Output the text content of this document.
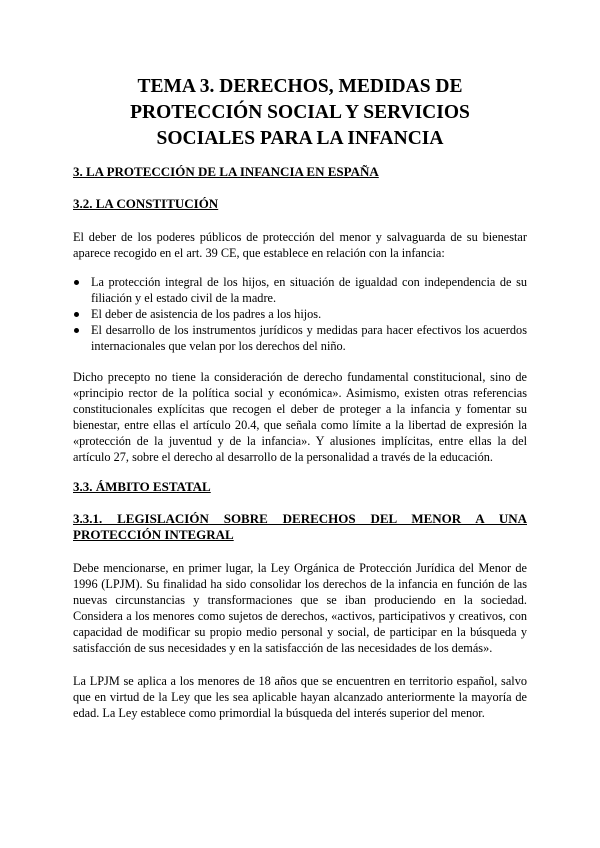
TEMA 3. DERECHOS, MEDIDAS DE
PROTECCIÓN SOCIAL Y SERVICIOS
SOCIALES PARA LA INFANCIA
3. LA PROTECCIÓN DE LA INFANCIA EN ESPAÑA
3.2. LA CONSTITUCIÓN

El deber de los poderes públicos de protección del menor y salvaguarda de su bienestar aparece recogido en el art. 39 CE, que establece en relación con la infancia:

La protección integral de los hijos, en situación de igualdad con independencia de su filiación y el estado civil de la madre.
El deber de asistencia de los padres a los hijos.
El desarrollo de los instrumentos jurídicos y medidas para hacer efectivos los acuerdos internacionales que velan por los derechos del niño.

Dicho precepto no tiene la consideración de derecho fundamental constitucional, sino de «principio rector de la política social y económica». Asimismo, existen otras referencias constitucionales explícitas que recogen el deber de proteger a la infancia y fomentar su bienestar, entre ellas el artículo 20.4, que señala como límite a la libertad de expresión la «protección de la juventud y de la infancia». Y alusiones implícitas, entre ellas la del artículo 27, sobre el derecho al desarrollo de la personalidad a través de la educación.

3.3. ÁMBITO ESTATAL
3.3.1. LEGISLACIÓN SOBRE DERECHOS DEL MENOR A UNA PROTECCIÓN INTEGRAL

Debe mencionarse, en primer lugar, la Ley Orgánica de Protección Jurídica del Menor de 1996 (LPJM). Su finalidad ha sido consolidar los derechos de la infancia en función de las nuevas circunstancias y transformaciones que se iban produciendo en la sociedad. Considera a los menores como sujetos de derechos, «activos, participativos y creativos, con capacidad de modificar su propio medio personal y social, de participar en la búsqueda y satisfacción de sus necesidades y en la satisfacción de las necesidades de los demás».

La LPJM se aplica a los menores de 18 años que se encuentren en territorio español, salvo que en virtud de la Ley que les sea aplicable hayan alcanzado anteriormente la mayoría de edad. La Ley establece como primordial la búsqueda del interés superior del menor.
